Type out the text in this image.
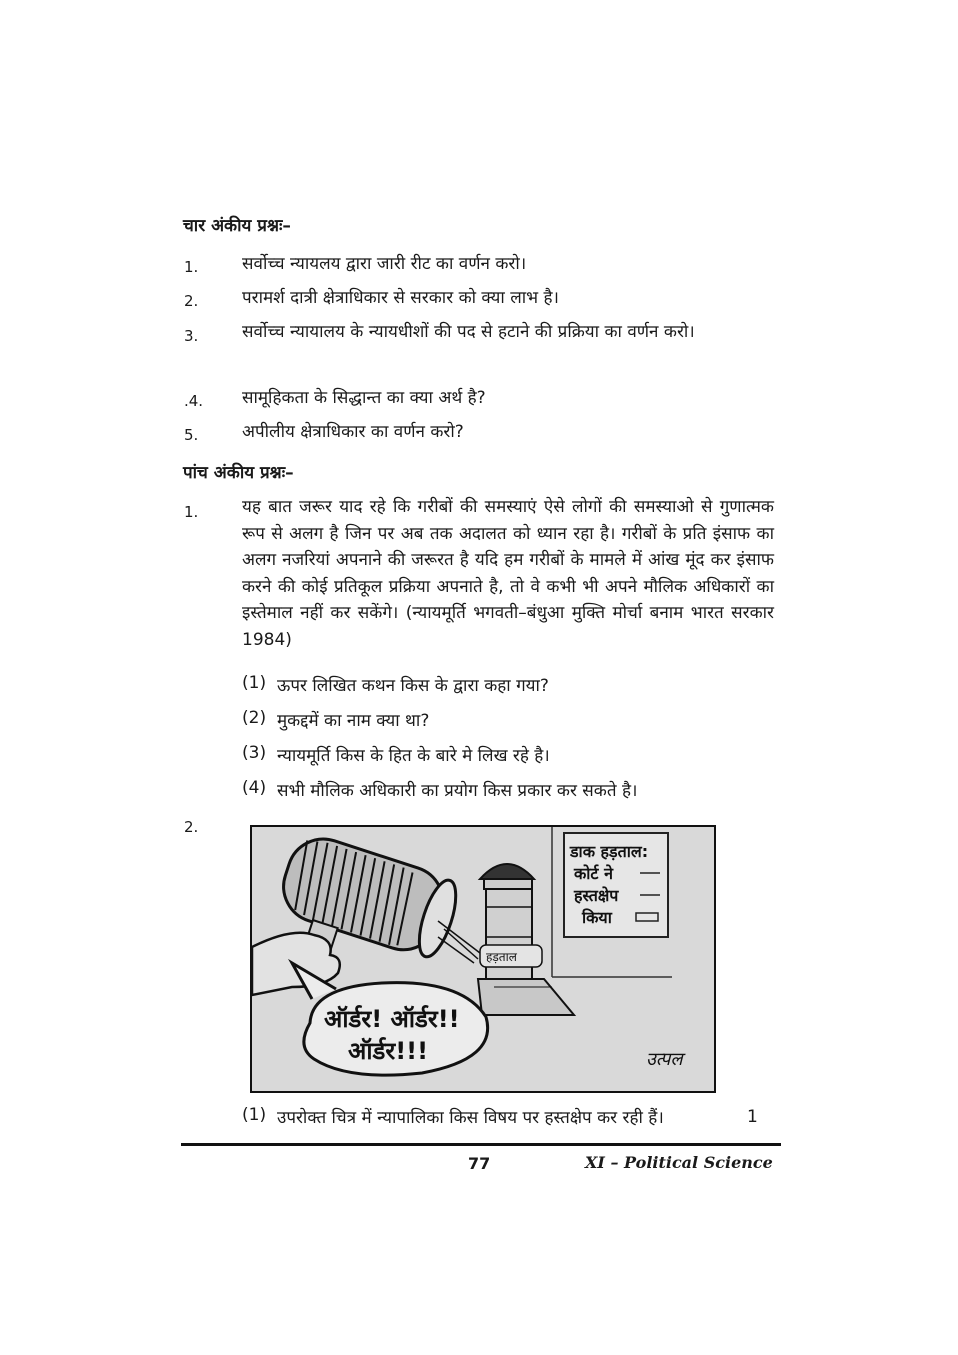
चार अंकीय प्रश्नः–
1.	सर्वोच्च न्यायलय द्वारा जारी रीट का वर्णन करो।
2.	परामर्श दात्री क्षेत्राधिकार से सरकार को क्या लाभ है।
3.	सर्वोच्च न्यायालय के न्यायधीशों की पद से हटाने की प्रक्रिया का वर्णन करो।
.4. सामूहिकता के सिद्धान्त का क्या अर्थ है?
5.	अपीलीय क्षेत्राधिकार का वर्णन करो?
पांच अंकीय प्रश्नः–
1.	यह बात जरूर याद रहे कि गरीबों की समस्याएं ऐसे लोगों की समस्याओ से गुणात्मक रूप से अलग है जिन पर अब तक अदालत को ध्यान रहा है। गरीबों के प्रति इंसाफ का अलग नजरियां अपनाने की जरूरत है यदि हम गरीबों के मामले में आंख मूंद कर इंसाफ करने की कोई प्रतिकूल प्रक्रिया अपनाते है, तो वे कभी भी अपने मौलिक अधिकारों का इस्तेमाल नहीं कर सकेंगे। (न्यायमूर्ति भगवती–बंधुआ मुक्ति मोर्चा बनाम भारत सरकार 1984)
(1) ऊपर लिखित कथन किस के द्वारा कहा गया?
(2) मुकद्दमें का नाम क्या था?
(3) न्यायमूर्ति किस के हित के बारे मे लिख रहे है।
(4) सभी मौलिक अधिकारी का प्रयोग किस प्रकार कर सकते है।
2.
डाक हड़ताल:
कोर्ट ने
हस्तक्षेप
किया
हड़ताल
ऑर्डर! ऑर्डर!!
ऑर्डर!!!	उत्पल
(1) उपरोक्त चित्र में न्यापालिका किस विषय पर हस्तक्षेप कर रही हैं।	1
77	XI – Political Science
